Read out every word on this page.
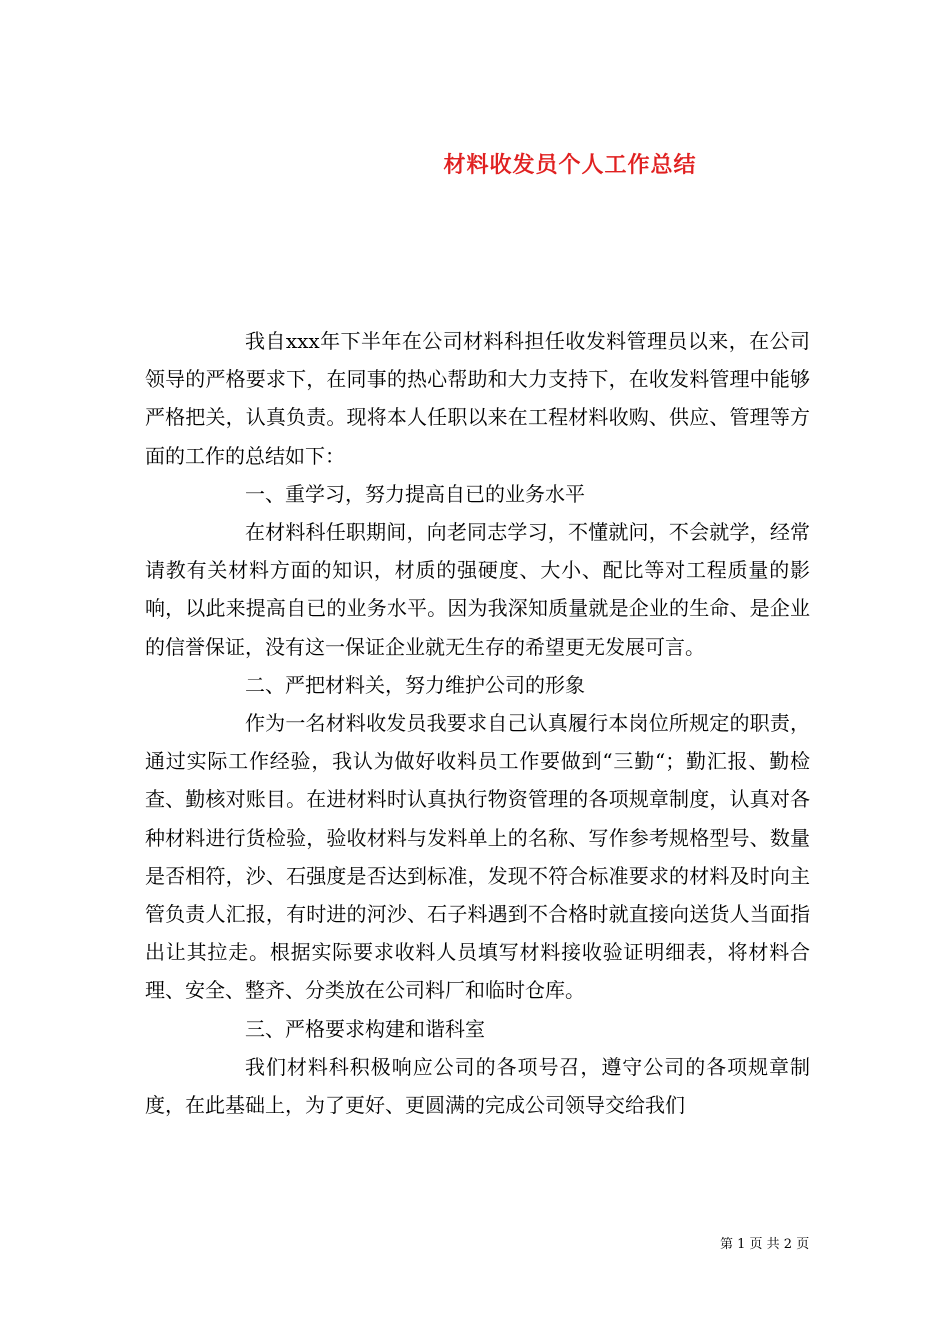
材料收发员个人工作总结

我自xxx年下半年在公司材料科担任收发料管理员以来，在公司领导的严格要求下，在同事的热心帮助和大力支持下，在收发料管理中能够严格把关，认真负责。现将本人任职以来在工程材料收购、供应、管理等方面的工作的总结如下：

一、重学习，努力提高自已的业务水平

在材料科任职期间，向老同志学习，不懂就问，不会就学，经常请教有关材料方面的知识，材质的强硬度、大小、配比等对工程质量的影响，以此来提高自已的业务水平。因为我深知质量就是企业的生命、是企业的信誉保证，没有这一保证企业就无生存的希望更无发展可言。

二、严把材料关，努力维护公司的形象

作为一名材料收发员我要求自己认真履行本岗位所规定的职责，通过实际工作经验，我认为做好收料员工作要做到“三勤“；勤汇报、勤检查、勤核对账目。在进材料时认真执行物资管理的各项规章制度，认真对各种材料进行货检验，验收材料与发料单上的名称、写作参考规格型号、数量是否相符，沙、石强度是否达到标准，发现不符合标准要求的材料及时向主管负责人汇报，有时进的河沙、石子料遇到不合格时就直接向送货人当面指出让其拉走。根据实际要求收料人员填写材料接收验证明细表，将材料合理、安全、整齐、分类放在公司料厂和临时仓库。

三、严格要求构建和谐科室

我们材料科积极响应公司的各项号召，遵守公司的各项规章制度，在此基础上，为了更好、更圆满的完成公司领导交给我们

第 1 页 共 2 页
